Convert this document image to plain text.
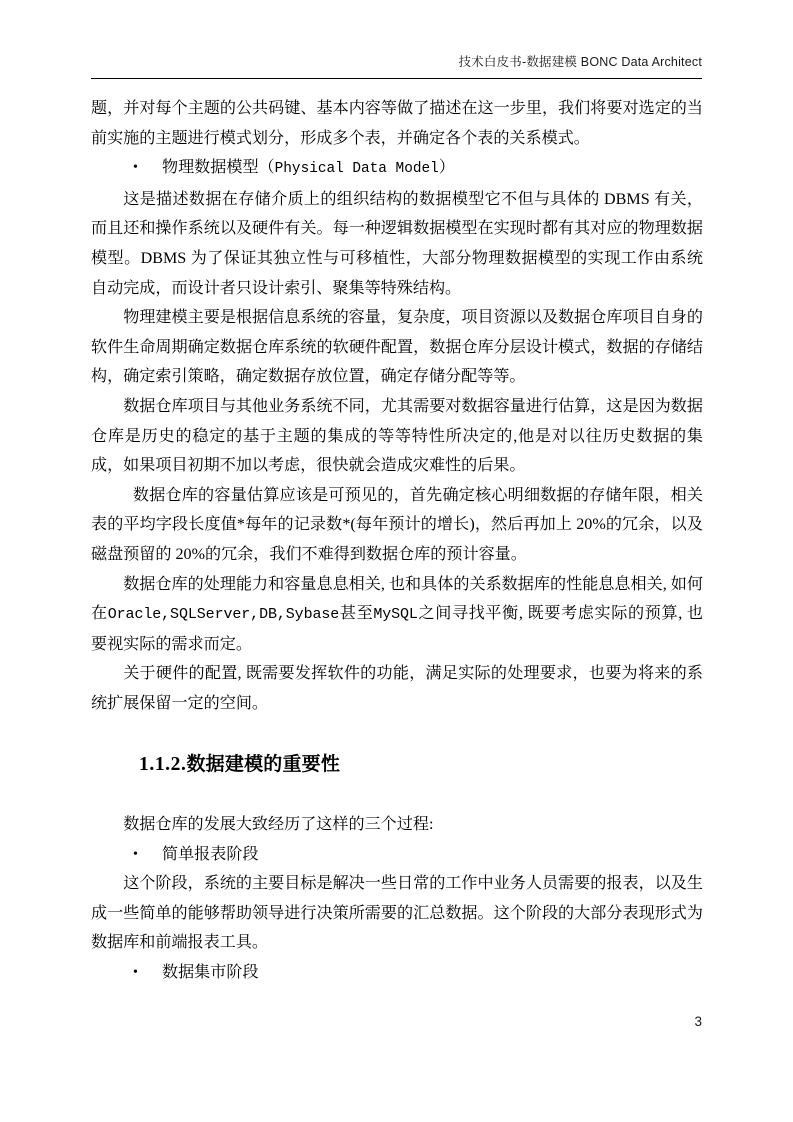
技术白皮书-数据建模 BONC Data Architect

题，并对每个主题的公共码键、基本内容等做了描述在这一步里，我们将要对选定的当前实施的主题进行模式划分，形成多个表，并确定各个表的关系模式。

•	物理数据模型（Physical Data Model）

这是描述数据在存储介质上的组织结构的数据模型它不但与具体的 DBMS 有关，而且还和操作系统以及硬件有关。每一种逻辑数据模型在实现时都有其对应的物理数据模型。DBMS 为了保证其独立性与可移植性，大部分物理数据模型的实现工作由系统自动完成，而设计者只设计索引、聚集等特殊结构。

物理建模主要是根据信息系统的容量，复杂度，项目资源以及数据仓库项目自身的软件生命周期确定数据仓库系统的软硬件配置，数据仓库分层设计模式，数据的存储结构，确定索引策略，确定数据存放位置，确定存储分配等等。

数据仓库项目与其他业务系统不同，尤其需要对数据容量进行估算，这是因为数据仓库是历史的稳定的基于主题的集成的等等特性所决定的,他是对以往历史数据的集成，如果项目初期不加以考虑，很快就会造成灾难性的后果。

数据仓库的容量估算应该是可预见的，首先确定核心明细数据的存储年限，相关表的平均字段长度值*每年的记录数*(每年预计的增长)，然后再加上 20%的冗余，以及磁盘预留的 20%的冗余，我们不难得到数据仓库的预计容量。

数据仓库的处理能力和容量息息相关, 也和具体的关系数据库的性能息息相关, 如何在Oracle,SQLServer,DB,Sybase甚至MySQL之间寻找平衡, 既要考虑实际的预算, 也要视实际的需求而定。

关于硬件的配置, 既需要发挥软件的功能，满足实际的处理要求，也要为将来的系统扩展保留一定的空间。

1.1.2.数据建模的重要性

数据仓库的发展大致经历了这样的三个过程:

•	简单报表阶段

这个阶段，系统的主要目标是解决一些日常的工作中业务人员需要的报表，以及生成一些简单的能够帮助领导进行决策所需要的汇总数据。这个阶段的大部分表现形式为数据库和前端报表工具。

•	数据集市阶段
3
